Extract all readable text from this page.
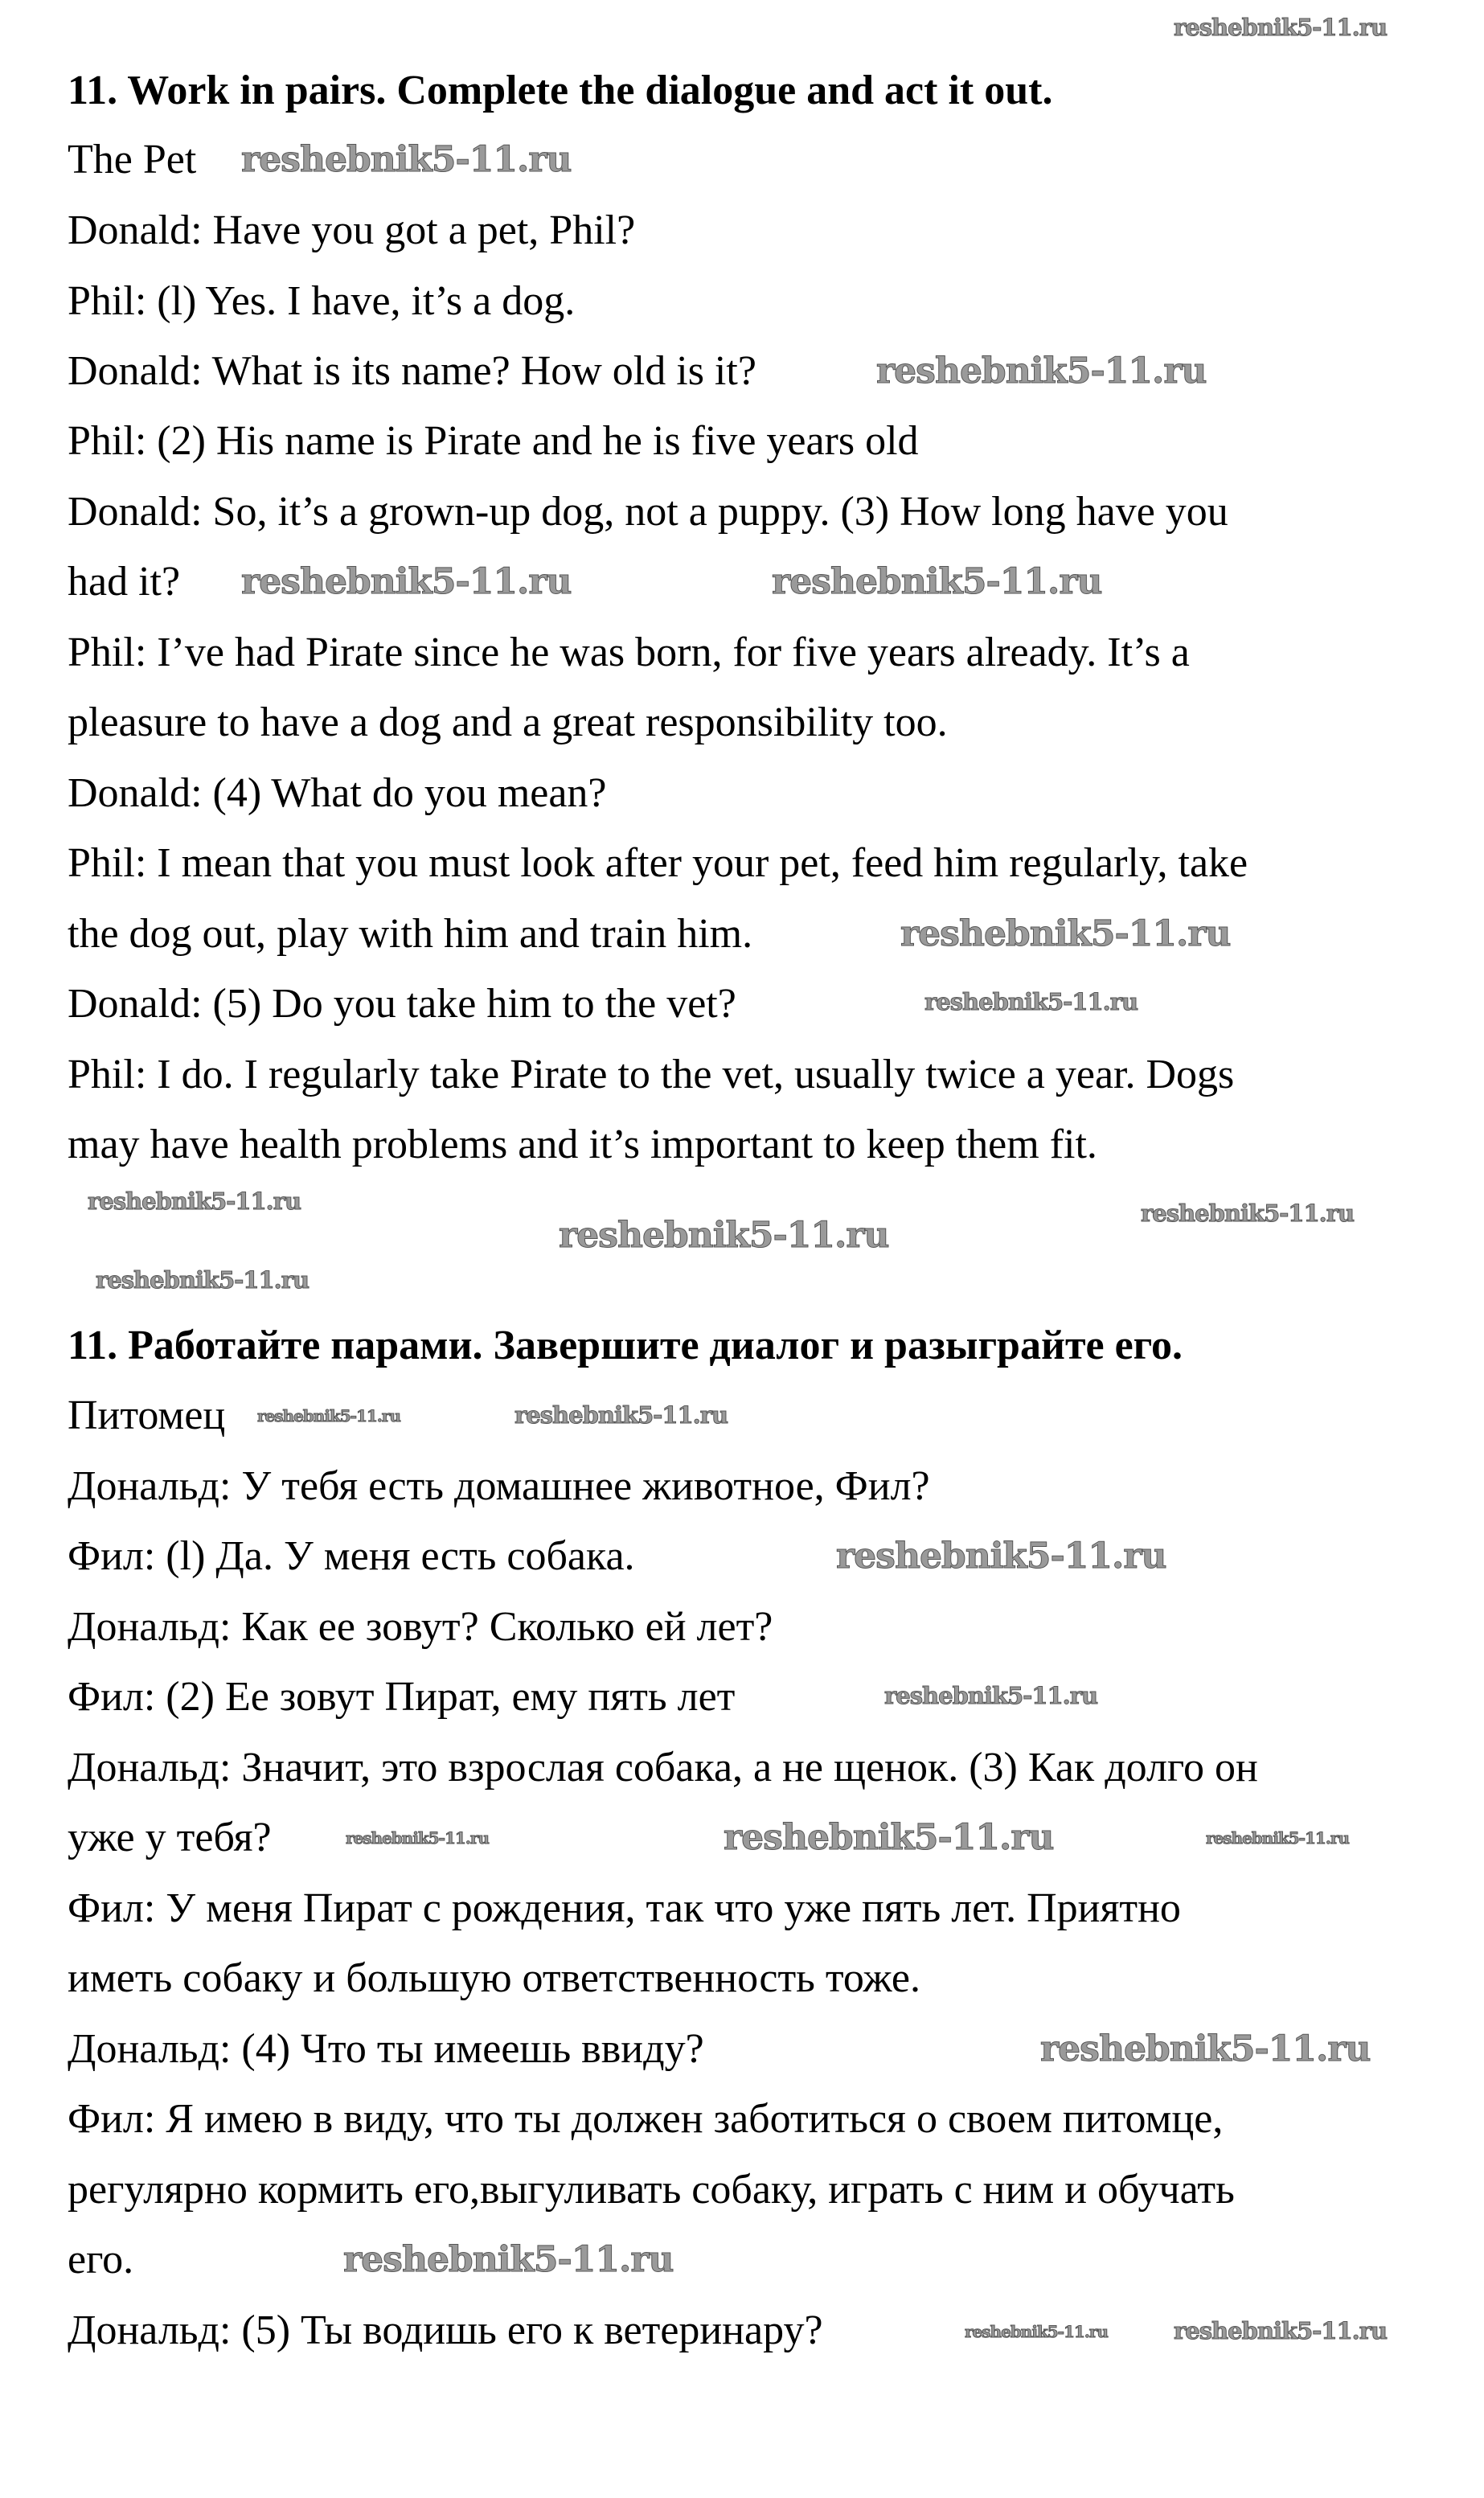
11. Work in pairs. Complete the dialogue and act it out.
The Pet
Donald: Have you got a pet, Phil?
Phil: (l) Yes. I have, it’s a dog.
Donald: What is its name? How old is it?
Phil: (2) His name is Pirate and he is five years old
Donald: So, it’s a grown-up dog, not a puppy. (3) How long have you
had it?
Phil: I’ve had Pirate since he was born, for five years already. It’s a
pleasure to have a dog and a great responsibility too.
Donald: (4) What do you mean?
Phil: I mean that you must look after your pet, feed him regularly, take
the dog out, play with him and train him.
Donald: (5) Do you take him to the vet?
Phil: I do. I regularly take Pirate to the vet, usually twice a year. Dogs
may have health problems and it’s important to keep them fit.
11. Работайте парами. Завершите диалог и разыграйте его.
Питомец
Дональд: У тебя есть домашнее животное, Фил?
Фил: (l) Да. У меня есть собака.
Дональд: Как ее зовут? Сколько ей лет?
Фил: (2) Ее зовут Пират, ему пять лет
Дональд: Значит, это взрослая собака, а не щенок. (3) Как долго он
уже у тебя?
Фил: У меня Пират с рождения, так что уже пять лет. Приятно
иметь собаку и большую ответственность тоже.
Дональд: (4) Что ты имеешь ввиду?
Фил: Я имею в виду, что ты должен заботиться о своем питомце,
регулярно кормить его,выгуливать собаку, играть с ним и обучать
его.
Дональд: (5) Ты водишь его к ветеринару?
reshebnik5-11.ru
reshebnik5-11.ru
reshebnik5-11.ru
reshebnik5-11.ru	reshebnik5-11.ru
reshebnik5-11.ru
reshebnik5-11.ru
reshebnik5-11.ru
reshebnik5-11.ru
reshebnik5-11.ru
reshebnik5-11.ru
reshebnik5-11.ru	reshebnik5-11.ru
reshebnik5-11.ru
reshebnik5-11.ru
reshebnik5-11.ru
reshebnik5-11.ru
reshebnik5-11.ru
reshebnik5-11.ru
reshebnik5-11.ru
reshebnik5-11.ru	reshebnik5-11.ru
